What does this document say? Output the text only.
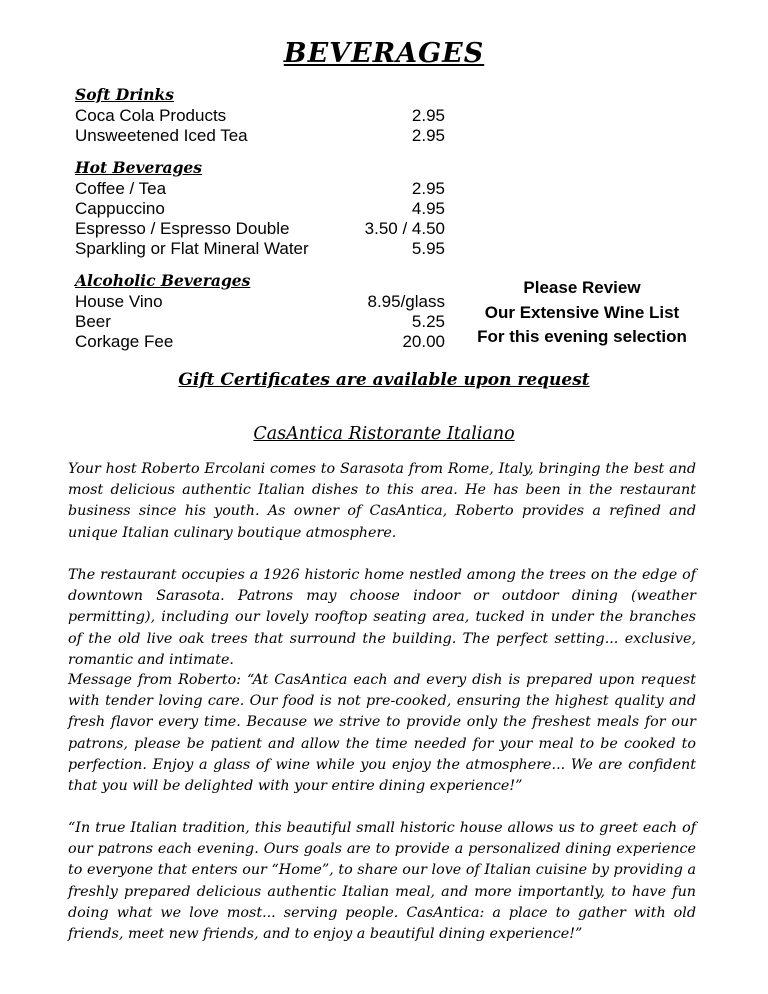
BEVERAGES
Soft Drinks
Coca Cola Products	2.95
Unsweetened Iced Tea	2.95
Hot Beverages
Coffee / Tea	2.95
Cappuccino	4.95
Espresso / Espresso Double	3.50 / 4.50
Sparkling or Flat Mineral Water	5.95
Alcoholic Beverages
House Vino	8.95/glass
Beer	5.25
Corkage Fee	20.00
Please Review
Our Extensive Wine List
For this evening selection
Gift Certificates are available upon request
CasAntica Ristorante Italiano

Your host Roberto Ercolani comes to Sarasota from Rome, Italy, bringing the best and most delicious authentic Italian dishes to this area. He has been in the restaurant business since his youth. As owner of CasAntica, Roberto provides a refined and unique Italian culinary boutique atmosphere.

The restaurant occupies a 1926 historic home nestled among the trees on the edge of downtown Sarasota. Patrons may choose indoor or outdoor dining (weather permitting), including our lovely rooftop seating area, tucked in under the branches of the old live oak trees that surround the building. The perfect setting... exclusive, romantic and intimate.

Message from Roberto: “At CasAntica each and every dish is prepared upon request with tender loving care. Our food is not pre-cooked, ensuring the highest quality and fresh flavor every time. Because we strive to provide only the freshest meals for our patrons, please be patient and allow the time needed for your meal to be cooked to perfection. Enjoy a glass of wine while you enjoy the atmosphere... We are confident that you will be delighted with your entire dining experience!”

“In true Italian tradition, this beautiful small historic house allows us to greet each of our patrons each evening. Ours goals are to provide a personalized dining experience to everyone that enters our “Home”, to share our love of Italian cuisine by providing a freshly prepared delicious authentic Italian meal, and more importantly, to have fun doing what we love most... serving people. CasAntica: a place to gather with old friends, meet new friends, and to enjoy a beautiful dining experience!”
